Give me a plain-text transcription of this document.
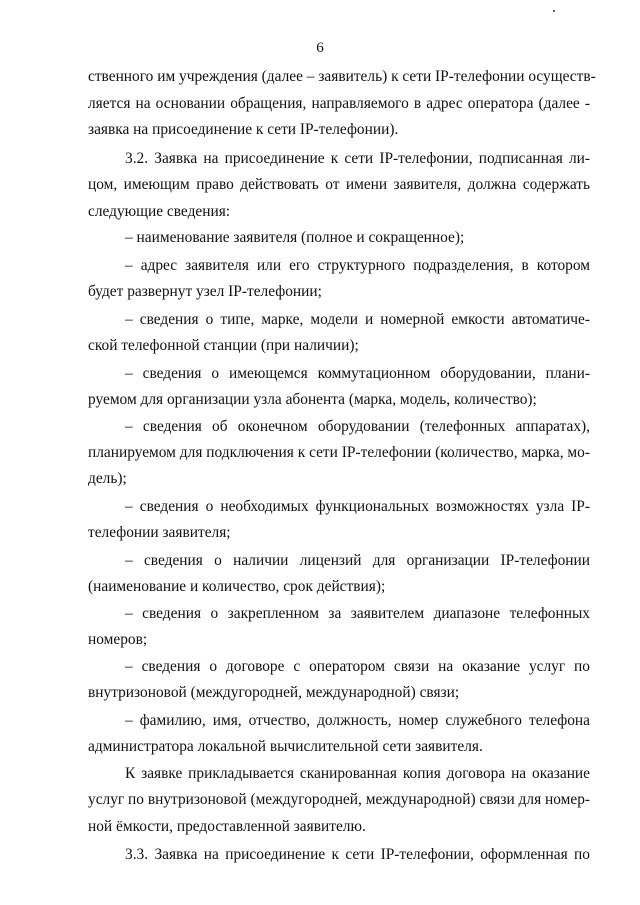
6
ственного им учреждения (далее – заявитель) к сети IP-телефонии осуществ-
ляется на основании обращения, направляемого в адрес оператора (далее -
заявка на присоединение к сети IP-телефонии).
3.2. Заявка на присоединение к сети IP-телефонии, подписанная ли-
цом, имеющим право действовать от имени заявителя, должна содержать
следующие сведения:
– наименование заявителя (полное и сокращенное);
– адрес заявителя или его структурного подразделения, в котором
будет развернут узел IP-телефонии;
– сведения о типе, марке, модели и номерной емкости автоматиче-
ской телефонной станции (при наличии);
– сведения о имеющемся коммутационном оборудовании, плани-
руемом для организации узла абонента (марка, модель, количество);
– сведения об оконечном оборудовании (телефонных аппаратах),
планируемом для подключения к сети IP-телефонии (количество, марка, мо-
дель);
– сведения о необходимых функциональных возможностях узла IP-
телефонии заявителя;
– сведения о наличии лицензий для организации IP-телефонии
(наименование и количество, срок действия);
– сведения о закрепленном за заявителем диапазоне телефонных
номеров;
– сведения о договоре с оператором связи на оказание услуг по
внутризоновой (междугородней, международной) связи;
– фамилию, имя, отчество, должность, номер служебного телефона
администратора локальной вычислительной сети заявителя.
К заявке прикладывается сканированная копия договора на оказание
услуг по внутризоновой (междугородней, международной) связи для номер-
ной ёмкости, предоставленной заявителю.
3.3. Заявка на присоединение к сети IP-телефонии, оформленная по
